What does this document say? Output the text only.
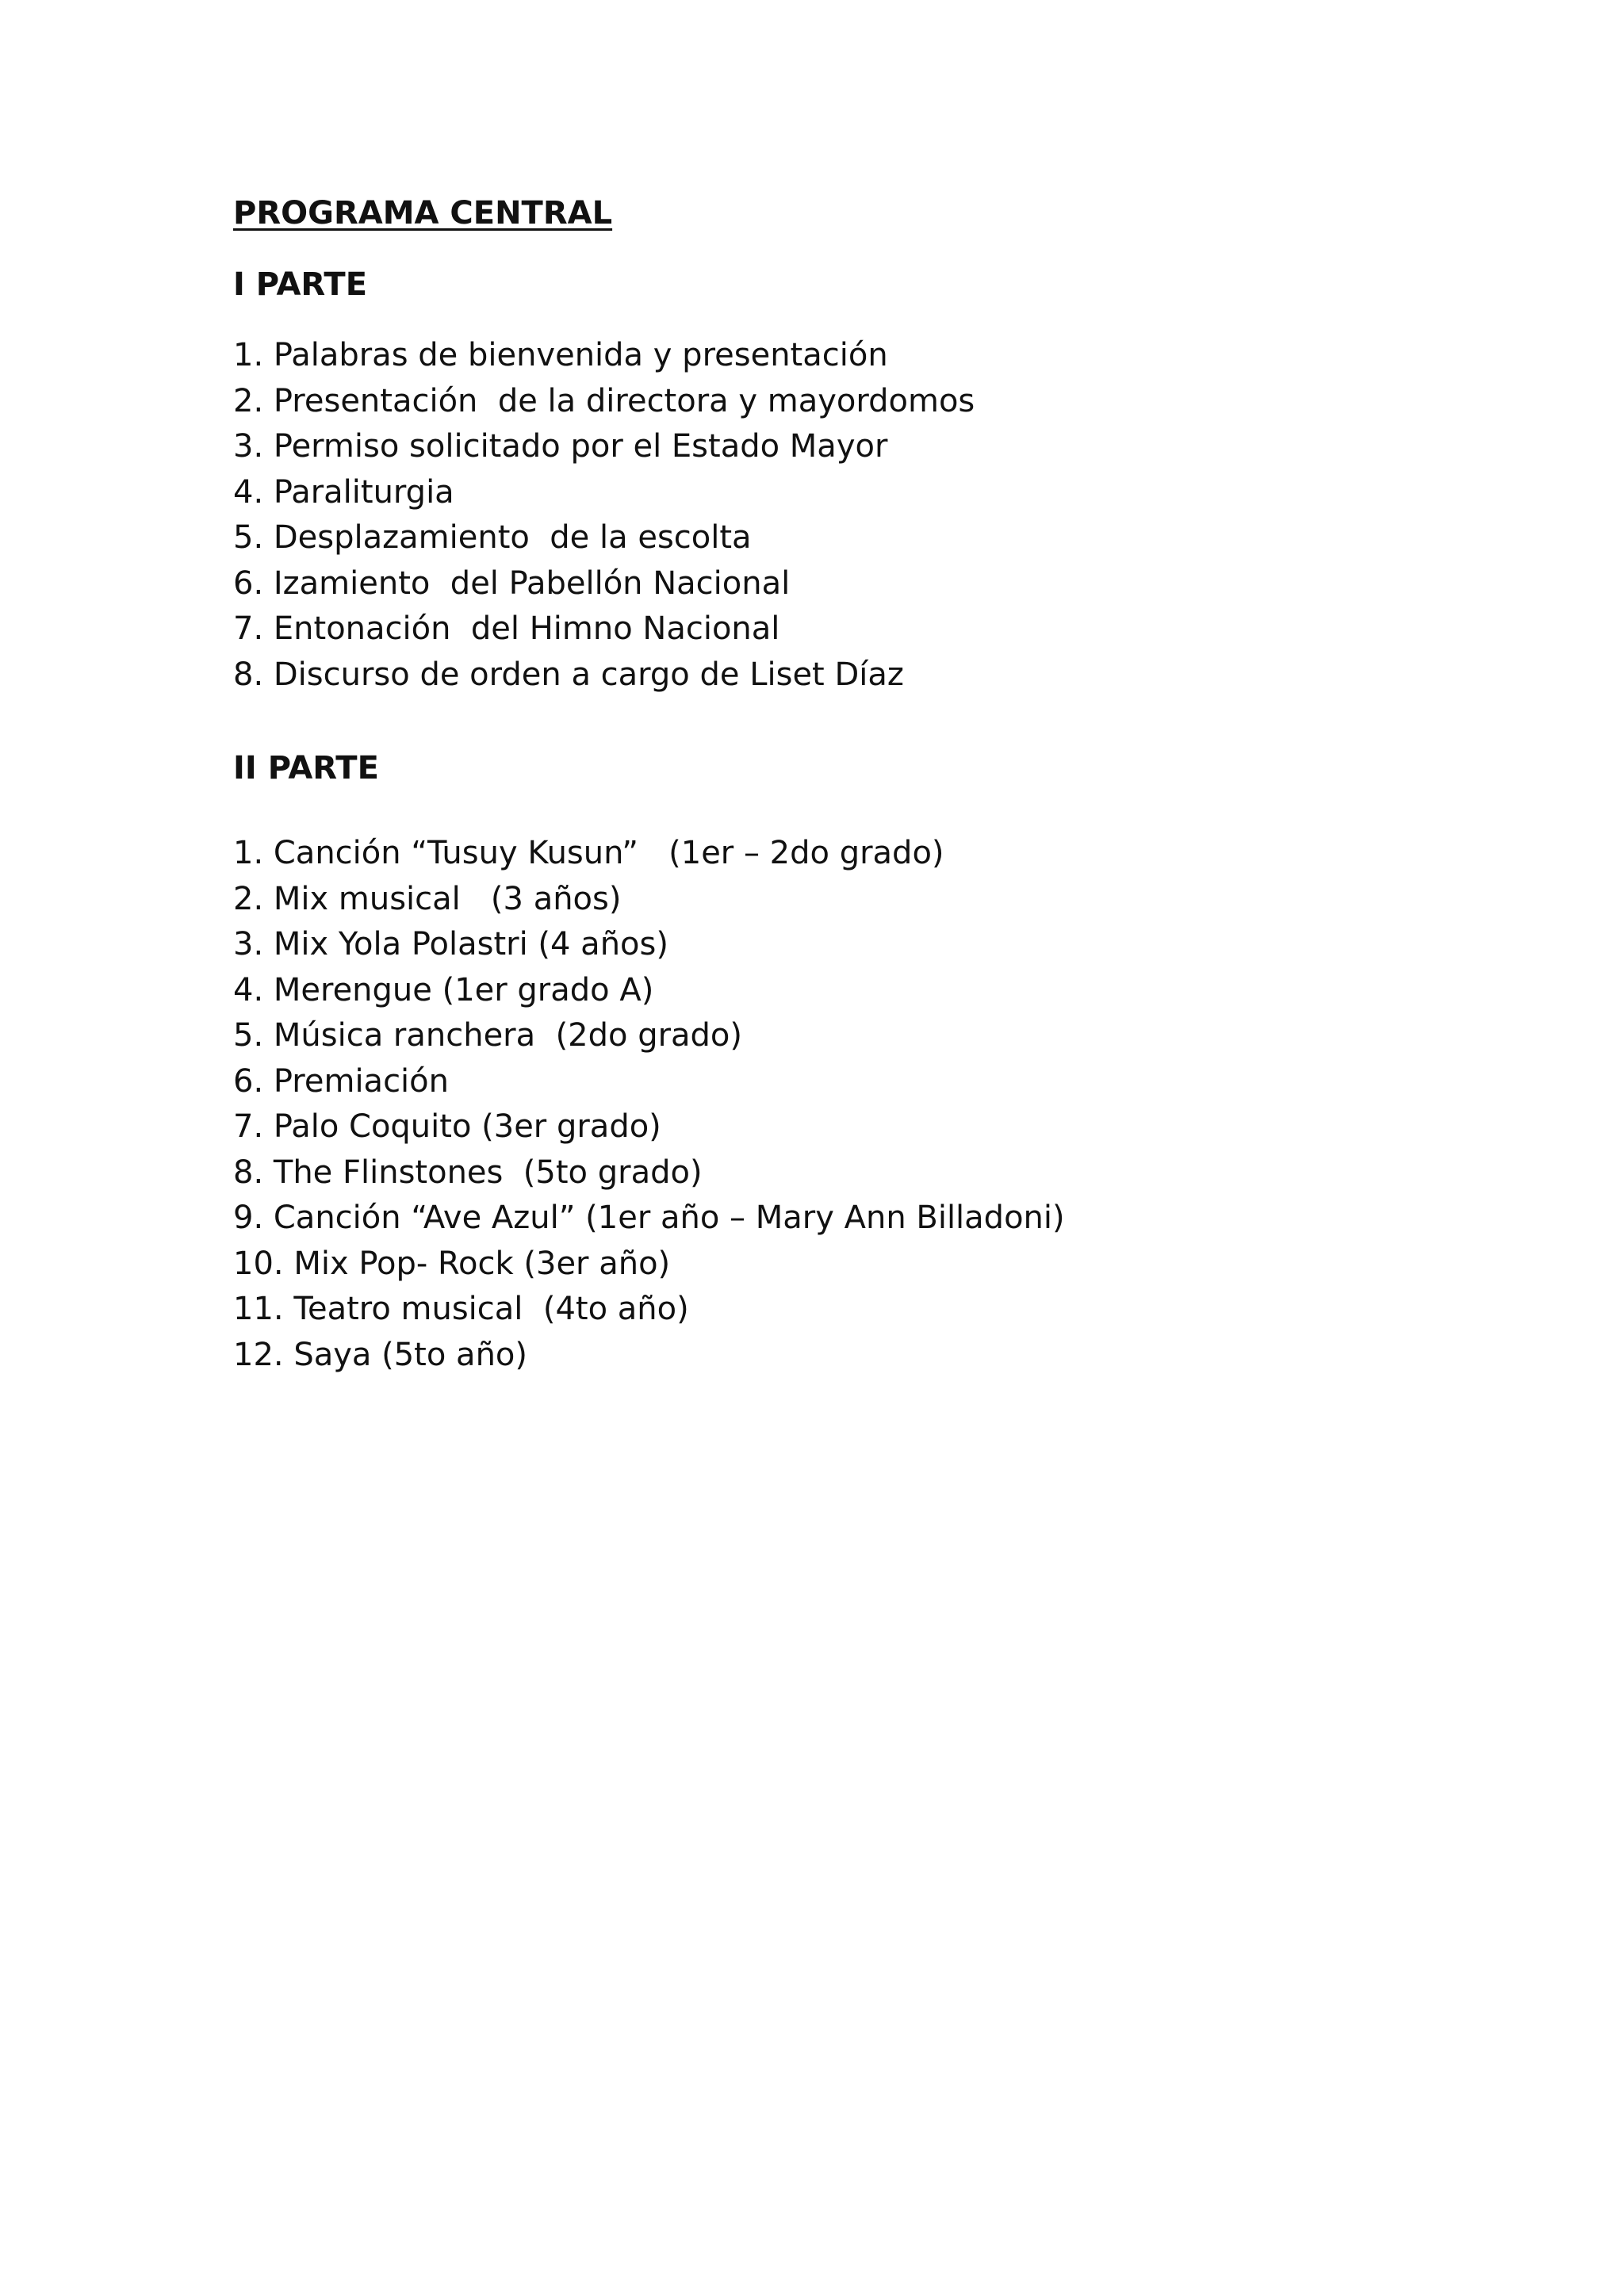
PROGRAMA CENTRAL
I PARTE
1. Palabras de bienvenida y presentación
2. Presentación  de la directora y mayordomos
3. Permiso solicitado por el Estado Mayor
4. Paraliturgia
5. Desplazamiento  de la escolta
6. Izamiento  del Pabellón Nacional
7. Entonación  del Himno Nacional
8. Discurso de orden a cargo de Liset Díaz
II PARTE
1. Canción “Tusuy Kusun”   (1er – 2do grado)
2. Mix musical   (3 años)
3. Mix Yola Polastri (4 años)
4. Merengue (1er grado A)
5. Música ranchera  (2do grado)
6. Premiación
7. Palo Coquito (3er grado)
8. The Flinstones  (5to grado)
9. Canción “Ave Azul” (1er año – Mary Ann Billadoni)
10. Mix Pop- Rock (3er año)
11. Teatro musical  (4to año)
12. Saya (5to año)
